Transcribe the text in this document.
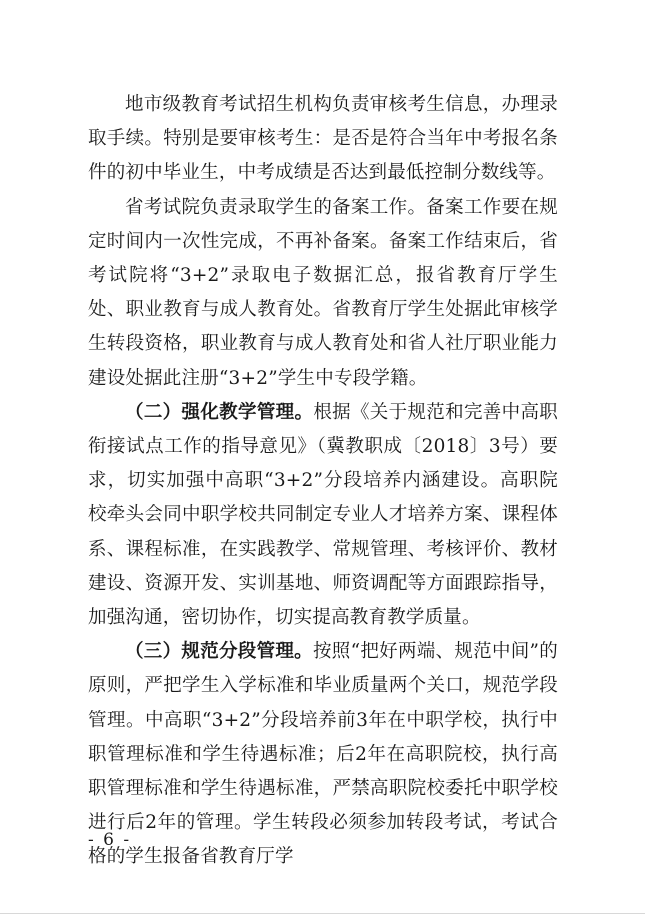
地市级教育考试招生机构负责审核考生信息，办理录取手续。特别是要审核考生：是否是符合当年中考报名条件的初中毕业生，中考成绩是否达到最低控制分数线等。

省考试院负责录取学生的备案工作。备案工作要在规定时间内一次性完成，不再补备案。备案工作结束后，省考试院将“3+2”录取电子数据汇总，报省教育厅学生处、职业教育与成人教育处。省教育厅学生处据此审核学生转段资格，职业教育与成人教育处和省人社厅职业能力建设处据此注册“3+2”学生中专段学籍。

（二）强化教学管理。根据《关于规范和完善中高职衔接试点工作的指导意见》（冀教职成〔2018〕3号）要求，切实加强中高职“3+2”分段培养内涵建设。高职院校牵头会同中职学校共同制定专业人才培养方案、课程体系、课程标准，在实践教学、常规管理、考核评价、教材建设、资源开发、实训基地、师资调配等方面跟踪指导，加强沟通，密切协作，切实提高教育教学质量。

（三）规范分段管理。按照“把好两端、规范中间”的原则，严把学生入学标准和毕业质量两个关口，规范学段管理。中高职“3+2”分段培养前3年在中职学校，执行中职管理标准和学生待遇标准；后2年在高职院校，执行高职管理标准和学生待遇标准，严禁高职院校委托中职学校进行后2年的管理。学生转段必须参加转段考试，考试合格的学生报备省教育厅学

- 6 -
